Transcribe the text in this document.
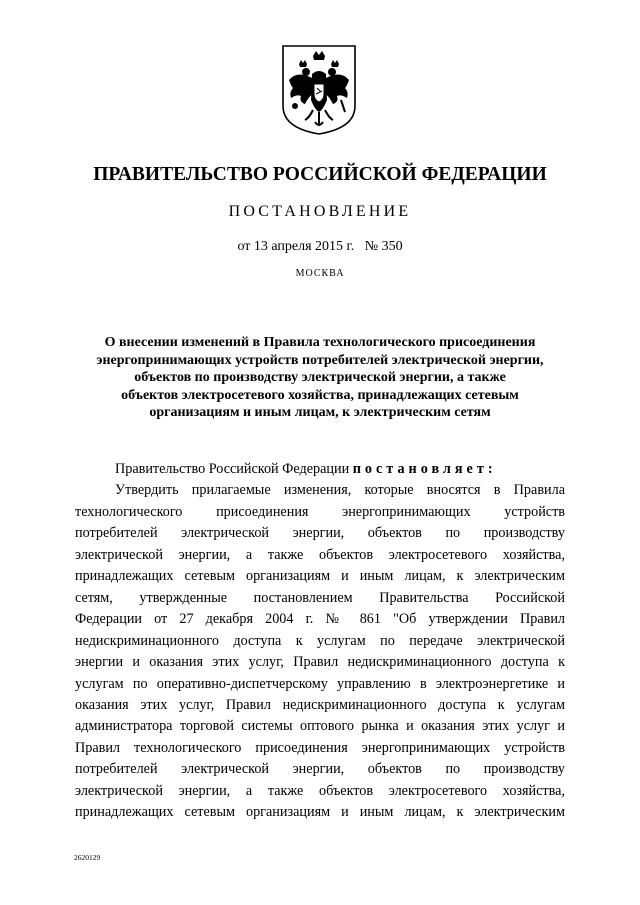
ПРАВИТЕЛЬСТВО РОССИЙСКОЙ ФЕДЕРАЦИИ
ПОСТАНОВЛЕНИЕ
от 13 апреля 2015 г. № 350
МОСКВА
О внесении изменений в Правила технологического присоединения
энергопринимающих устройств потребителей электрической энергии,
объектов по производству электрической энергии, а также
объектов электросетевого хозяйства, принадлежащих сетевым
организациям и иным лицам, к электрическим сетям
Правительство Российской Федерации постановляет:
Утвердить прилагаемые изменения, которые вносятся в Правила
технологического присоединения энергопринимающих устройств
потребителей электрической энергии, объектов по производству
электрической энергии, а также объектов электросетевого хозяйства,
принадлежащих сетевым организациям и иным лицам, к электрическим
сетям, утвержденные постановлением Правительства Российской
Федерации от 27 декабря 2004 г. № 861 "Об утверждении Правил
недискриминационного доступа к услугам по передаче электрической
энергии и оказания этих услуг, Правил недискриминационного доступа к
услугам по оперативно-диспетчерскому управлению в электроэнергетике и
оказания этих услуг, Правил недискриминационного доступа к услугам
администратора торговой системы оптового рынка и оказания этих услуг и
Правил технологического присоединения энергопринимающих устройств
потребителей электрической энергии, объектов по производству
электрической энергии, а также объектов электросетевого хозяйства,
принадлежащих сетевым организациям и иным лицам, к электрическим
2620129
